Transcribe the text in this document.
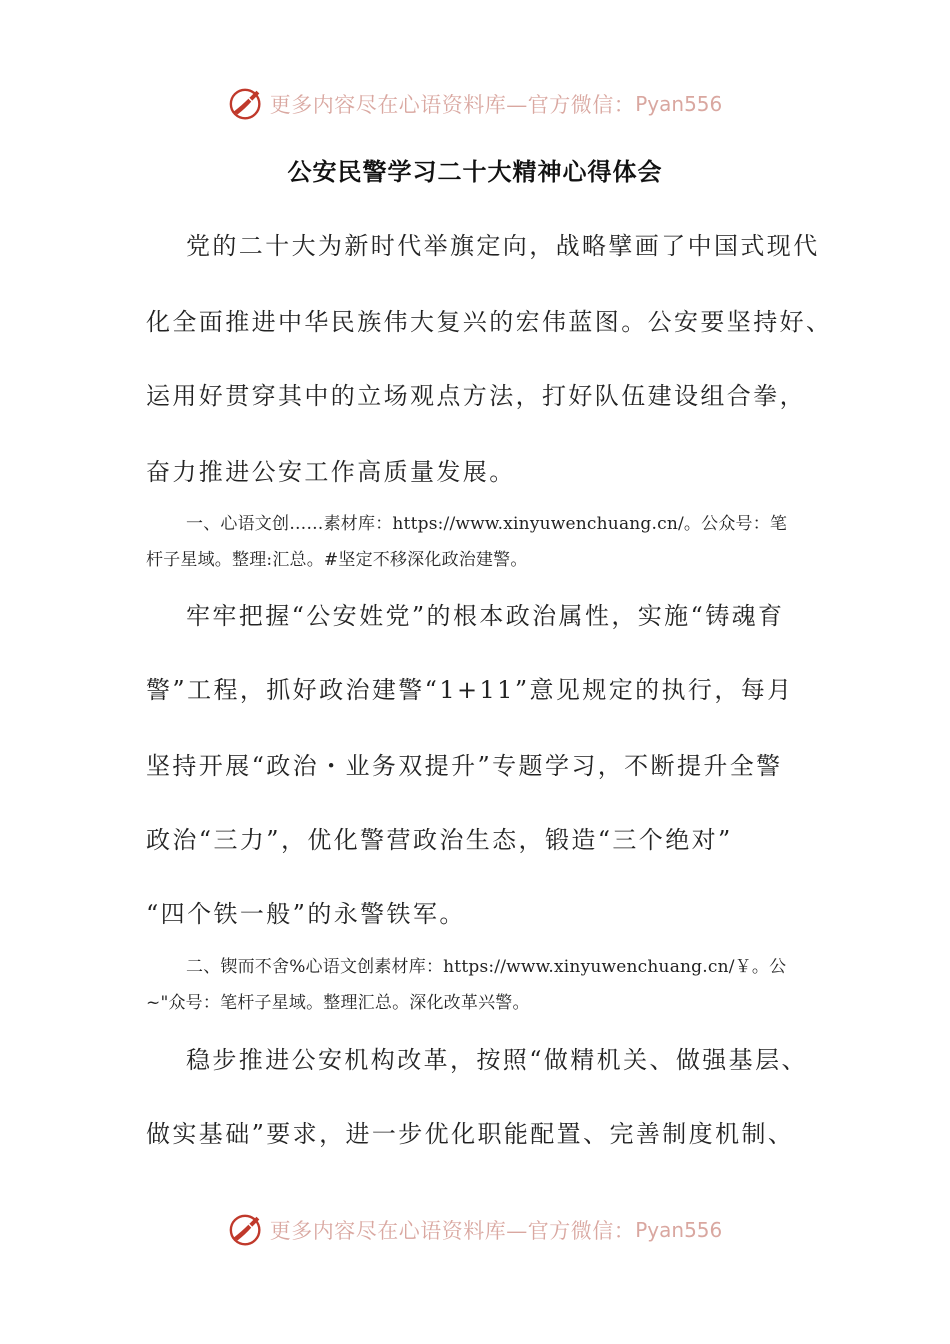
更多内容尽在心语资料库—官方微信： Pyan556
公安民警学习二十大精神心得体会
党的二十大为新时代举旗定向，战略擘画了中国式现代
化全面推进中华民族伟大复兴的宏伟蓝图。公安要坚持好、
运用好贯穿其中的立场观点方法，打好队伍建设组合拳，
奋力推进公安工作高质量发展。
一、心语文创……素材库：https://www.xinyuwenchuang.cn/。公众号：笔
杆子星域。整理:汇总。#坚定不移深化政治建警。
牢牢把握“公安姓党”的根本政治属性，实施“铸魂育
警”工程，抓好政治建警“1+11”意见规定的执行，每月
坚持开展“政治・业务双提升”专题学习，不断提升全警
政治“三力”，优化警营政治生态，锻造“三个绝对”
“四个铁一般”的永警铁军。
二、锲而不舍%心语文创素材库：https://www.xinyuwenchuang.cn/￥。公
~"众号：笔杆子星域。整理汇总。深化改革兴警。
稳步推进公安机构改革，按照“做精机关、做强基层、
做实基础”要求，进一步优化职能配置、完善制度机制、
更多内容尽在心语资料库—官方微信： Pyan556
